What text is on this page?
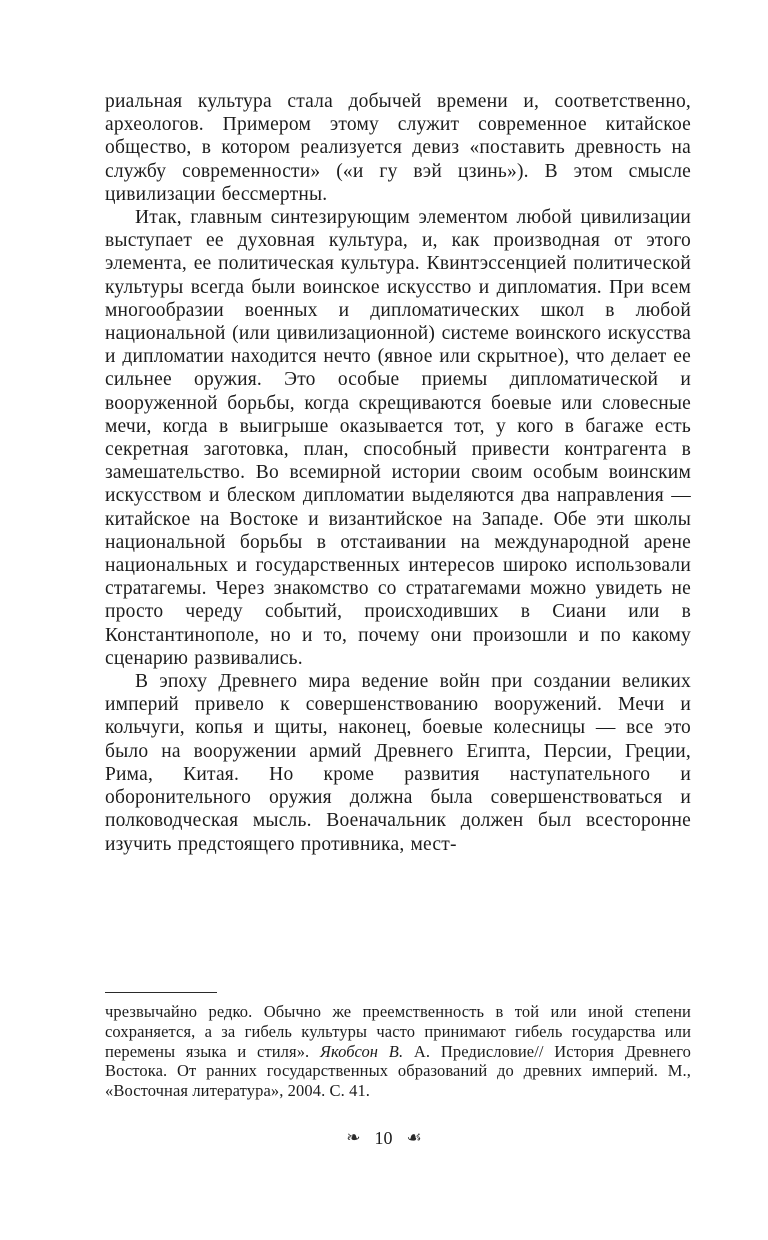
риальная культура стала добычей времени и, соответственно, археологов. Примером этому служит современное китайское общество, в котором реализуется девиз «поставить древность на службу современности» («и гу вэй цзинь»). В этом смысле цивилизации бессмертны.

Итак, главным синтезирующим элементом любой цивилизации выступает ее духовная культура, и, как производная от этого элемента, ее политическая культура. Квинтэссенцией политической культуры всегда были воинское искусство и дипломатия. При всем многообразии военных и дипломатических школ в любой национальной (или цивилизационной) системе воинского искусства и дипломатии находится нечто (явное или скрытное), что делает ее сильнее оружия. Это особые приемы дипломатической и вооруженной борьбы, когда скрещиваются боевые или словесные мечи, когда в выигрыше оказывается тот, у кого в багаже есть секретная заготовка, план, способный привести контрагента в замешательство. Во всемирной истории своим особым воинским искусством и блеском дипломатии выделяются два направления — китайское на Востоке и византийское на Западе. Обе эти школы национальной борьбы в отстаивании на международной арене национальных и государственных интересов широко использовали стратагемы. Через знакомство со стратагемами можно увидеть не просто череду событий, происходивших в Сиани или в Константинополе, но и то, почему они произошли и по какому сценарию развивались.

В эпоху Древнего мира ведение войн при создании великих империй привело к совершенствованию вооружений. Мечи и кольчуги, копья и щиты, наконец, боевые колесницы — все это было на вооружении армий Древнего Египта, Персии, Греции, Рима, Китая. Но кроме развития наступательного и оборонительного оружия должна была совершенствоваться и полководческая мысль. Военачальник должен был всесторонне изучить предстоящего противника, мест-

чрезвычайно редко. Обычно же преемственность в той или иной степени сохраняется, а за гибель культуры часто принимают гибель государства или перемены языка и стиля». Якобсон В. А. Предисловие// История Древнего Востока. От ранних государственных образований до древних империй. М., «Восточная литература», 2004. С. 41.
❧ 10 ☙
